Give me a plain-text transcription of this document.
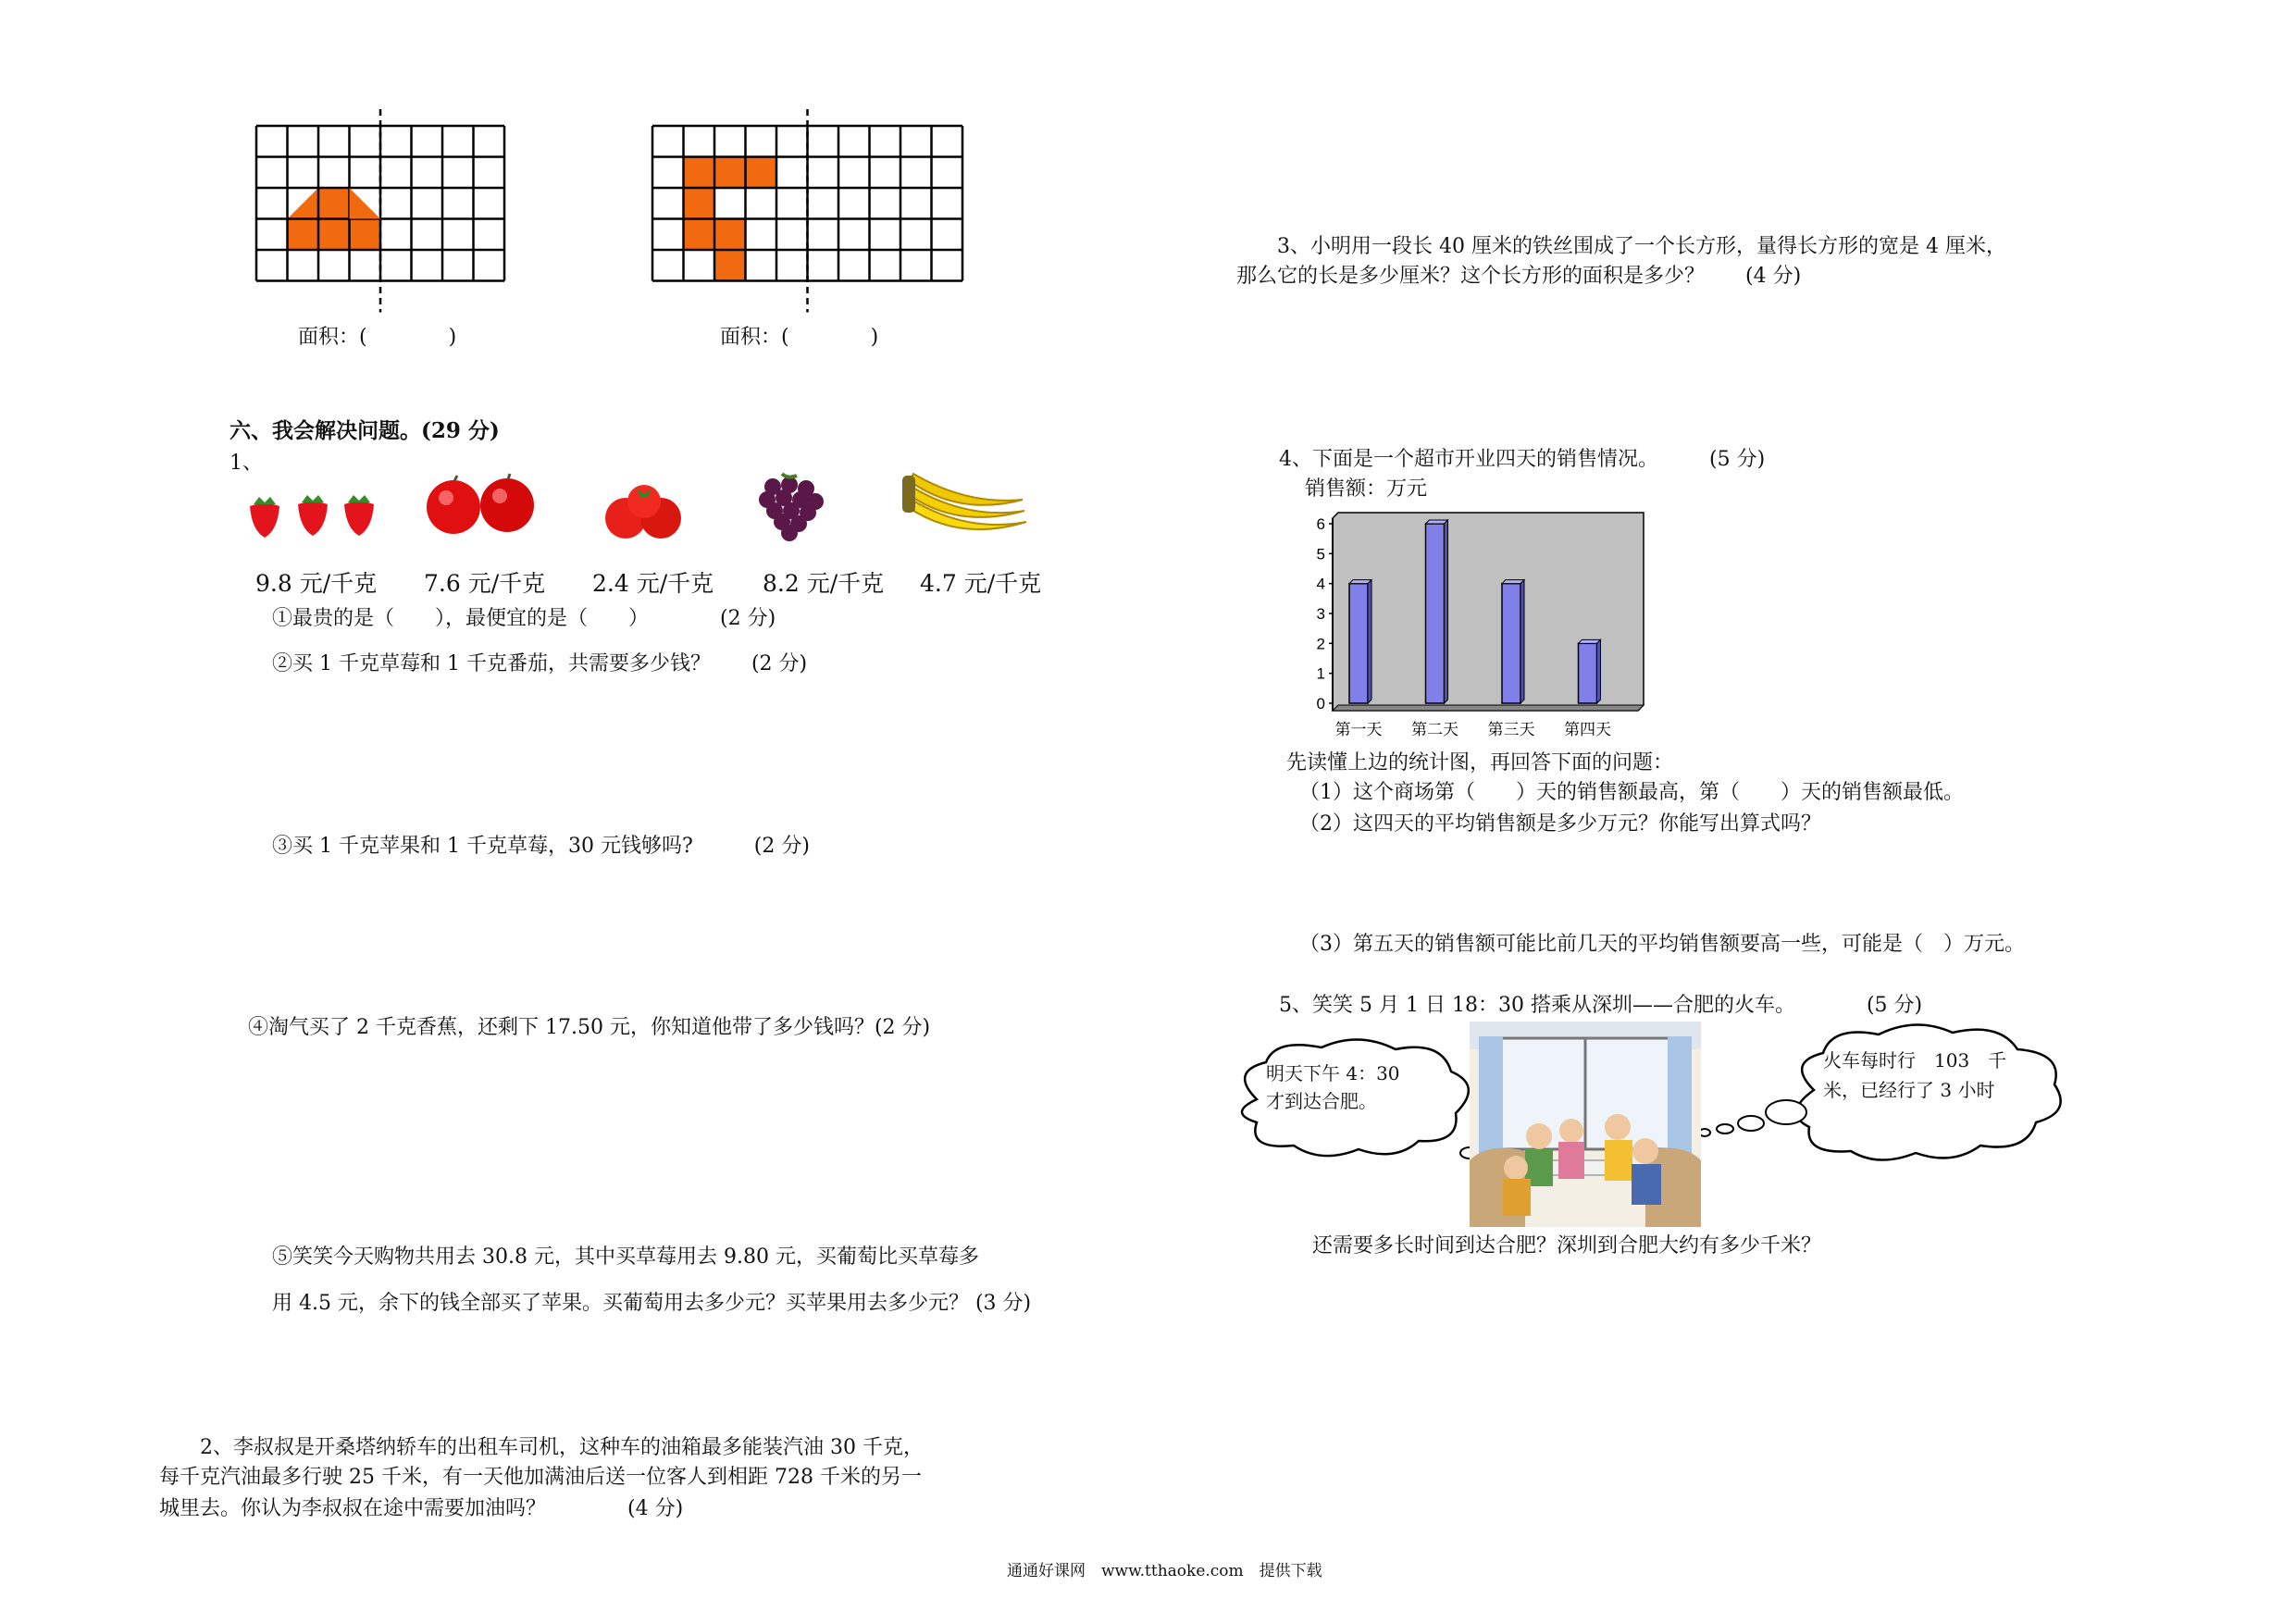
面积：(　　　　)	面积：(　　　　)
六、我会解决问题。(29 分)
1、
9.8 元/千克 7.6 元/千克 2.4 元/千克 8.2 元/千克 4.7 元/千克
①最贵的是（　　），最便宜的是（　　）　　　　(2 分)
②买 1 千克草莓和 1 千克番茄，共需要多少钱？　　(2 分)
③买 1 千克苹果和 1 千克草莓，30 元钱够吗?　　　(2 分)
④淘气买了 2 千克香蕉，还剩下 17.50 元，你知道他带了多少钱吗？(2 分)
⑤笑笑今天购物共用去 30.8 元，其中买草莓用去 9.80 元，买葡萄比买草莓多
用 4.5 元，余下的钱全部买了苹果。买葡萄用去多少元？买苹果用去多少元？ (3 分)
2、李叔叔是开桑塔纳轿车的出租车司机，这种车的油箱最多能装汽油 30 千克，
每千克汽油最多行驶 25 千米，有一天他加满油后送一位客人到相距 728 千米的另一
城里去。你认为李叔叔在途中需要加油吗？　　　　(4 分)
3、小明用一段长 40 厘米的铁丝围成了一个长方形，量得长方形的宽是 4 厘米，
那么它的长是多少厘米？这个长方形的面积是多少？　　(4 分)
4、下面是一个超市开业四天的销售情况。　　　(5 分)
销售额：万元
0
1
2
3
4
5
6
第一天 第二天 第三天 第四天
先读懂上边的统计图，再回答下面的问题：
（1）这个商场第（　　）天的销售额最高，第（　　）天的销售额最低。
（2）这四天的平均销售额是多少万元？你能写出算式吗？
（3）第五天的销售额可能比前几天的平均销售额要高一些，可能是（　）万元。
5、笑笑 5 月 1 日 18：30 搭乘从深圳——合肥的火车。　　　　(5 分)
明天下午 4：30
才到达合肥。
火车每时行　103　千
米，已经行了 3 小时
还需要多长时间到达合肥？深圳到合肥大约有多少千米？
通通好课网　www.tthaoke.com　提供下载
